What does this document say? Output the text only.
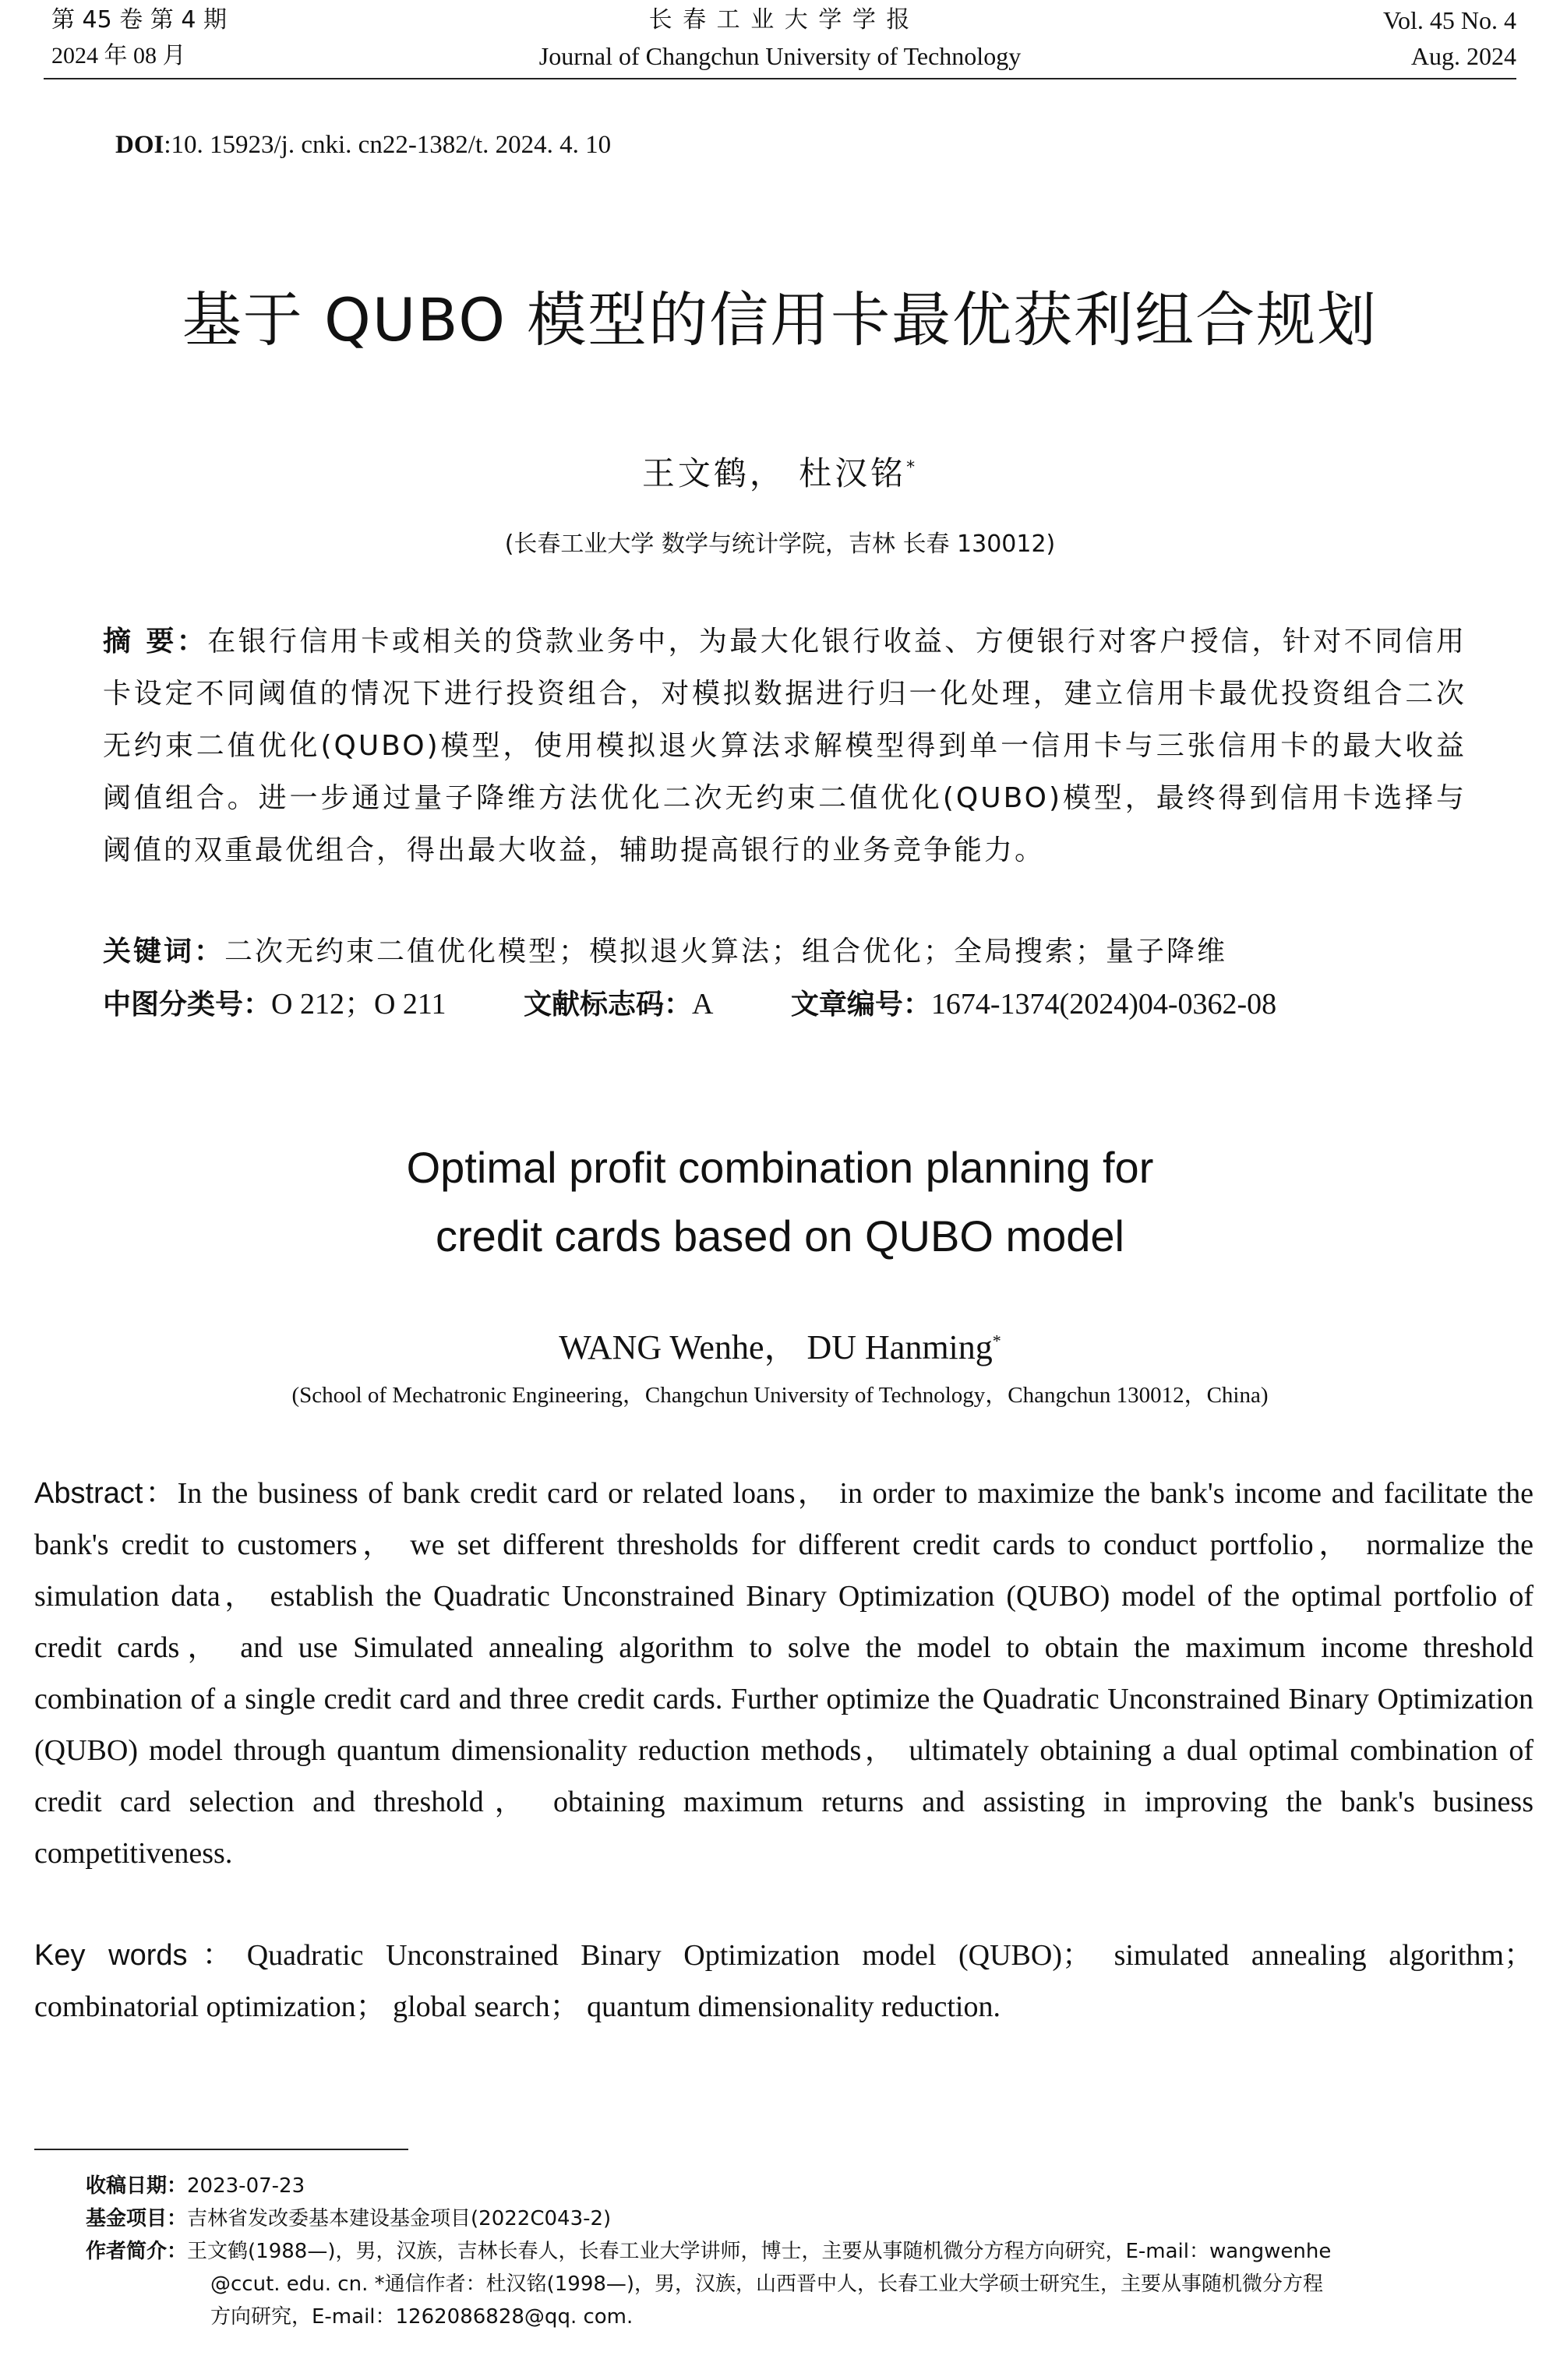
第 45 卷 第 4 期
2024 年 08 月
长 春 工 业 大 学 学 报
Journal of Changchun University of Technology
Vol. 45 No. 4
Aug. 2024
DOI:10. 15923/j. cnki. cn22-1382/t. 2024. 4. 10
基于 QUBO 模型的信用卡最优获利组合规划
王文鹤， 杜汉铭*
(长春工业大学 数学与统计学院，吉林 长春 130012)
摘 要：在银行信用卡或相关的贷款业务中，为最大化银行收益、方便银行对客户授信，针对不同信用卡设定不同阈值的情况下进行投资组合，对模拟数据进行归一化处理，建立信用卡最优投资组合二次无约束二值优化(QUBO)模型，使用模拟退火算法求解模型得到单一信用卡与三张信用卡的最大收益阈值组合。进一步通过量子降维方法优化二次无约束二值优化(QUBO)模型，最终得到信用卡选择与阈值的双重最优组合，得出最大收益，辅助提高银行的业务竞争能力。
关键词：二次无约束二值优化模型；模拟退火算法；组合优化；全局搜索；量子降维
中图分类号：O 212；O 211	文献标志码：A	文章编号：1674-1374(2024)04-0362-08
Optimal profit combination planning for
credit cards based on QUBO model
WANG Wenhe， DU Hanming*
(School of Mechatronic Engineering，Changchun University of Technology，Changchun 130012，China)
Abstract：In the business of bank credit card or related loans， in order to maximize the bank's income and facilitate the bank's credit to customers， we set different thresholds for different credit cards to conduct portfolio， normalize the simulation data， establish the Quadratic Unconstrained Binary Optimization (QUBO) model of the optimal portfolio of credit cards， and use Simulated annealing algorithm to solve the model to obtain the maximum income threshold combination of a single credit card and three credit cards. Further optimize the Quadratic Unconstrained Binary Optimization (QUBO) model through quantum dimensionality reduction methods， ultimately obtaining a dual optimal combination of credit card selection and threshold， obtaining maximum returns and assisting in improving the bank's business competitiveness.
Key words：Quadratic Unconstrained Binary Optimization model (QUBO)； simulated annealing algorithm； combinatorial optimization； global search； quantum dimensionality reduction.
收稿日期：2023-07-23
基金项目：吉林省发改委基本建设基金项目(2022C043-2)
作者简介：王文鹤(1988—)，男，汉族，吉林长春人，长春工业大学讲师，博士，主要从事随机微分方程方向研究，E-mail：wangwenhe
@ccut. edu. cn. *通信作者：杜汉铭(1998—)，男，汉族，山西晋中人，长春工业大学硕士研究生，主要从事随机微分方程
方向研究，E-mail：1262086828@qq. com.
